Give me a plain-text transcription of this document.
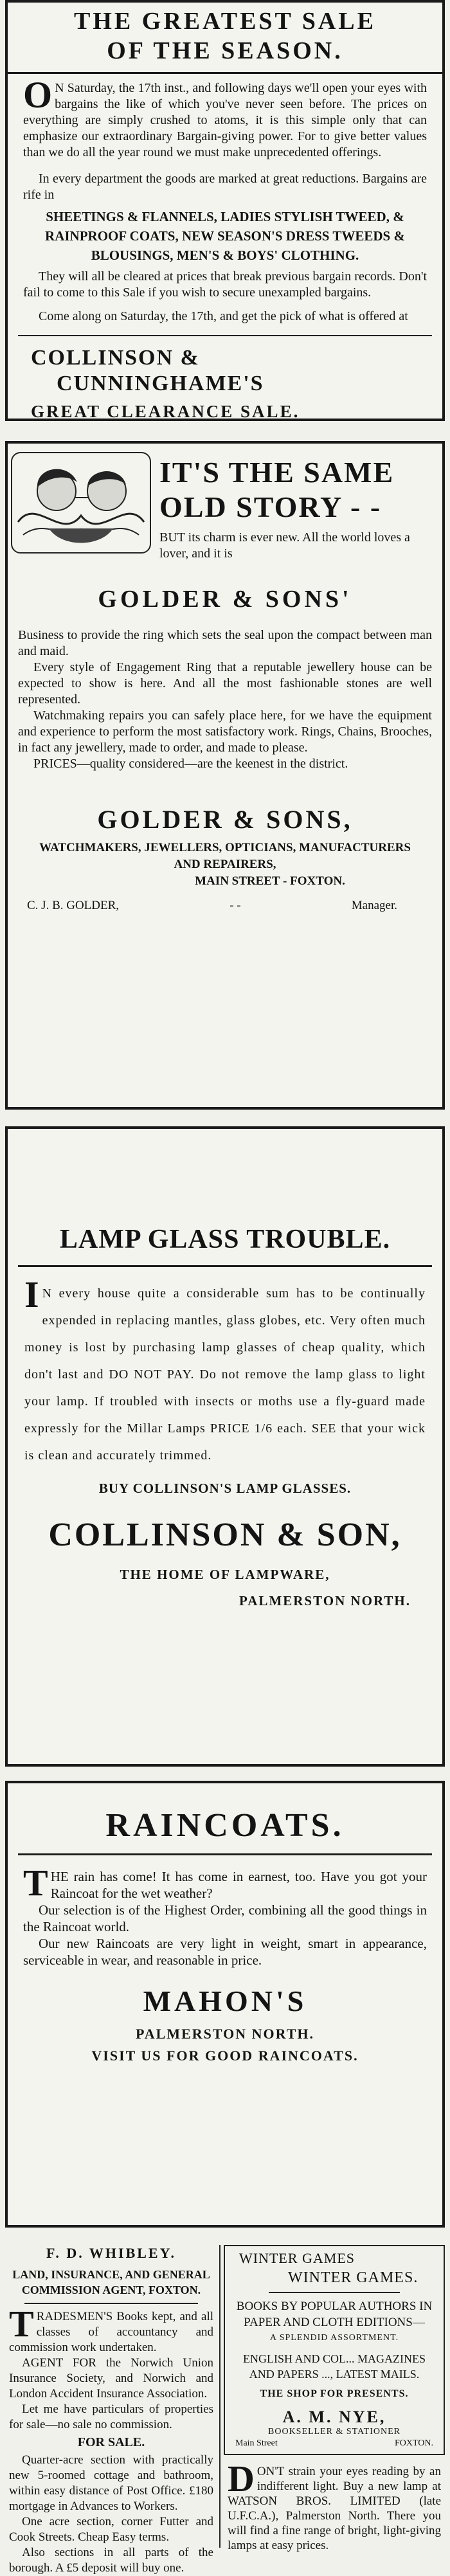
THE GREATEST SALE
OF THE SEASON.

ON Saturday, the 17th inst., and following days we'll open your eyes with bargains the like of which you've never seen before. The prices on everything are simply crushed to atoms, it is this simple only that can emphasize our extraordinary Bargain-giving power. For to give better values than we do all the year round we must make unprecedented offerings.

In every department the goods are marked at great reductions. Bargains are rife in

SHEETINGS & FLANNELS, LADIES STYLISH TWEED, & RAINPROOF COATS, NEW SEASON'S DRESS TWEEDS & BLOUSINGS, MEN'S & BOYS' CLOTHING.

They will all be cleared at prices that break previous bargain records. Don't fail to come to this Sale if you wish to secure unexampled bargains.

Come along on Saturday, the 17th, and get the pick of what is offered at

COLLINSON &
CUNNINGHAME'S
GREAT CLEARANCE SALE.
IT'S THE SAME
OLD STORY - -

BUT its charm is ever new. All the world loves a lover, and it is

GOLDER & SONS'

Business to provide the ring which sets the seal upon the compact between man and maid.

Every style of Engagement Ring that a reputable jewellery house can be expected to show is here. And all the most fashionable stones are well represented.

Watchmaking repairs you can safely place here, for we have the equipment and experience to perform the most satisfactory work. Rings, Chains, Brooches, in fact any jewellery, made to order, and made to please.

PRICES—quality considered—are the keenest in the district.

GOLDER & SONS,
WATCHMAKERS, JEWELLERS, OPTICIANS, MANUFACTURERS AND REPAIRERS,
MAIN STREET - FOXTON.
C. J. B. GOLDER,	- -	Manager.
LAMP GLASS TROUBLE.

IN every house quite a considerable sum has to be continually expended in replacing mantles, glass globes, etc. Very often much money is lost by purchasing lamp glasses of cheap quality, which don't last and DO NOT PAY. Do not remove the lamp glass to light your lamp. If troubled with insects or moths use a fly-guard made expressly for the Millar Lamps PRICE 1/6 each. SEE that your wick is clean and accurately trimmed.

BUY COLLINSON'S LAMP GLASSES.
COLLINSON & SON,
THE HOME OF LAMPWARE,
PALMERSTON NORTH.
RAINCOATS.

THE rain has come! It has come in earnest, too. Have you got your Raincoat for the wet weather?

Our selection is of the Highest Order, combining all the good things in the Raincoat world.

Our new Raincoats are very light in weight, smart in appearance, serviceable in wear, and reasonable in price.

MAHON'S
PALMERSTON NORTH.
VISIT US FOR GOOD RAINCOATS.
F. D. WHIBLEY.
LAND, INSURANCE, AND GENERAL COMMISSION AGENT, FOXTON.

TRADESMEN'S Books kept, and all classes of accountancy and commission work undertaken.

AGENT FOR the Norwich Union Insurance Society, and Norwich and London Accident Insurance Association.

Let me have particulars of properties for sale—no sale no commission.

FOR SALE.

Quarter-acre section with practically new 5-roomed cottage and bathroom, within easy distance of Post Office. £180 mortgage in Advances to Workers.

One acre section, corner Futter and Cook Streets. Cheap Easy terms.

Also sections in all parts of the borough. A £5 deposit will buy one.

WINTER GAMES
WINTER GAMES.
BOOKS BY POPULAR AUTHORS IN PAPER AND CLOTH EDITIONS—
A SPLENDID ASSORTMENT.
ENGLISH AND COL... MAGAZINES AND PAPERS ..., LATEST MAILS.
THE SHOP FOR PRESENTS.
A. M. NYE,
BOOKSELLER & STATIONER
Main Street	FOXTON.

DON'T strain your eyes reading by an indifferent light. Buy a new lamp at WATSON BROS. LIMITED (late U.F.C.A.), Palmerston North. There you will find a fine range of bright, light-giving lamps at easy prices.
